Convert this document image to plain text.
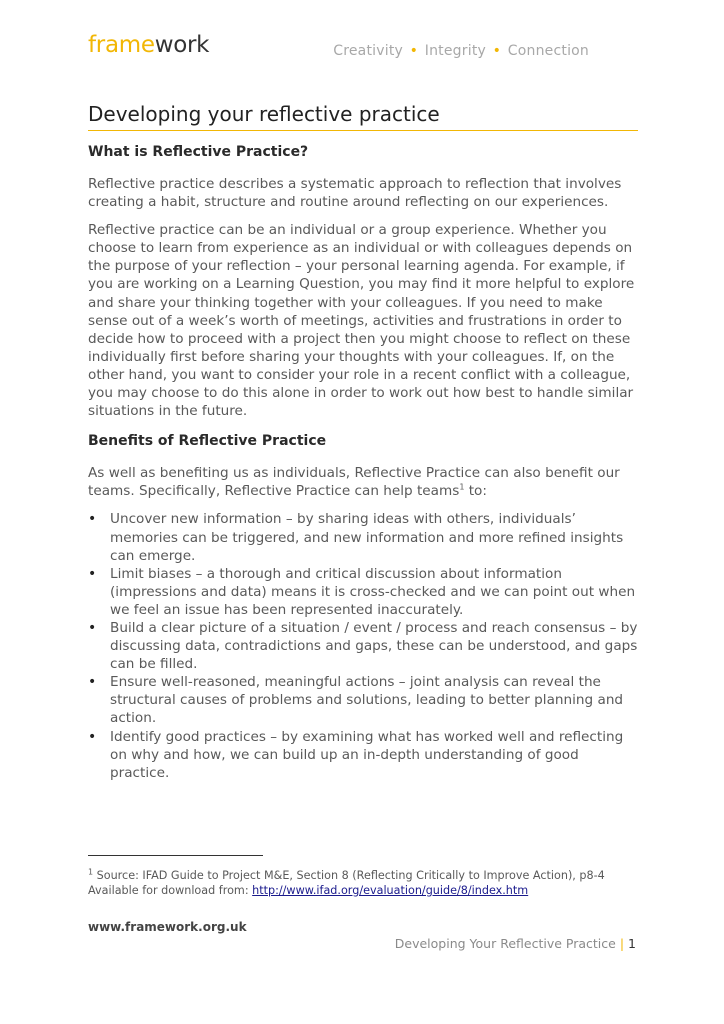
framework	Creativity • Integrity • Connection
Developing your reflective practice
What is Reflective Practice?

Reflective practice describes a systematic approach to reflection that involves creating a habit, structure and routine around reflecting on our experiences.

Reflective practice can be an individual or a group experience. Whether you choose to learn from experience as an individual or with colleagues depends on the purpose of your reflection – your personal learning agenda. For example, if you are working on a Learning Question, you may find it more helpful to explore and share your thinking together with your colleagues. If you need to make sense out of a week’s worth of meetings, activities and frustrations in order to decide how to proceed with a project then you might choose to reflect on these individually first before sharing your thoughts with your colleagues. If, on the other hand, you want to consider your role in a recent conflict with a colleague, you may choose to do this alone in order to work out how best to handle similar situations in the future.

Benefits of Reflective Practice

As well as benefiting us as individuals, Reflective Practice can also benefit our teams. Specifically, Reflective Practice can help teams$^1$ to:

• Uncover new information – by sharing ideas with others, individuals’ memories can be triggered, and new information and more refined insights can emerge.
• Limit biases – a thorough and critical discussion about information (impressions and data) means it is cross-checked and we can point out when we feel an issue has been represented inaccurately.
• Build a clear picture of a situation / event / process and reach consensus – by discussing data, contradictions and gaps, these can be understood, and gaps can be filled.
• Ensure well-reasoned, meaningful actions – joint analysis can reveal the structural causes of problems and solutions, leading to better planning and action.
• Identify good practices – by examining what has worked well and reflecting on why and how, we can build up an in-depth understanding of good practice.
$^1$ Source: IFAD Guide to Project M&E, Section 8 (Reflecting Critically to Improve Action), p8-4 Available for download from: http://www.ifad.org/evaluation/guide/8/index.htm
www.framework.org.uk
Developing Your Reflective Practice | 1
